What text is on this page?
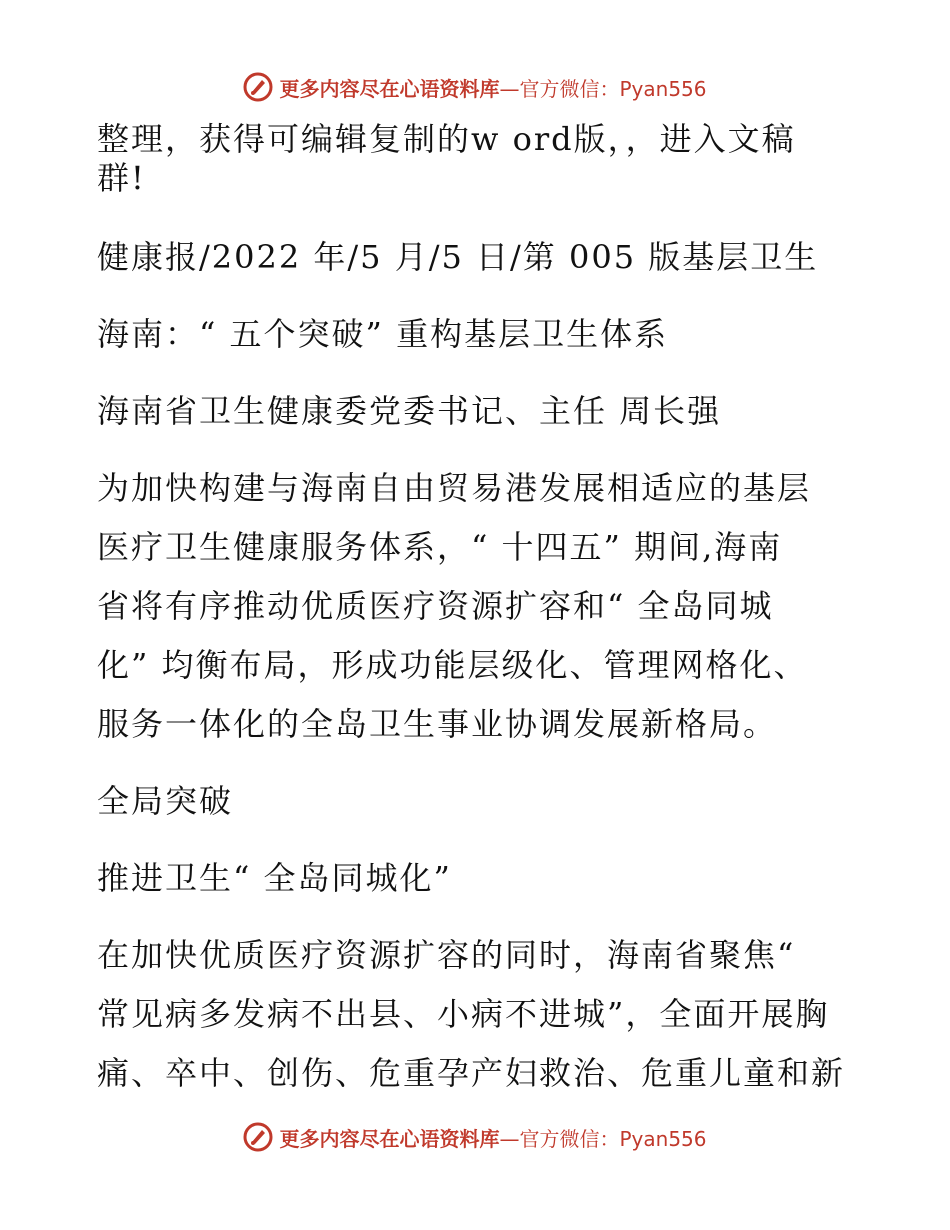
更多内容尽在心语资料库—官方微信：Pyan556

整理，获得可编辑复制的w ord版，，进入文稿
群!
健康报/2022 年/5 月/5 日/第 005 版基层卫生
海南：“ 五个突破” 重构基层卫生体系
海南省卫生健康委党委书记、主任 周长强
为加快构建与海南自由贸易港发展相适应的基层
医疗卫生健康服务体系，“ 十四五” 期间,海南
省将有序推动优质医疗资源扩容和“ 全岛同城
化” 均衡布局，形成功能层级化、管理网格化、
服务一体化的全岛卫生事业协调发展新格局。
全局突破
推进卫生“ 全岛同城化”
在加快优质医疗资源扩容的同时，海南省聚焦“
常见病多发病不出县、小病不进城”，全面开展胸
痛、卒中、创伤、危重孕产妇救治、危重儿童和新

更多内容尽在心语资料库—官方微信：Pyan556
